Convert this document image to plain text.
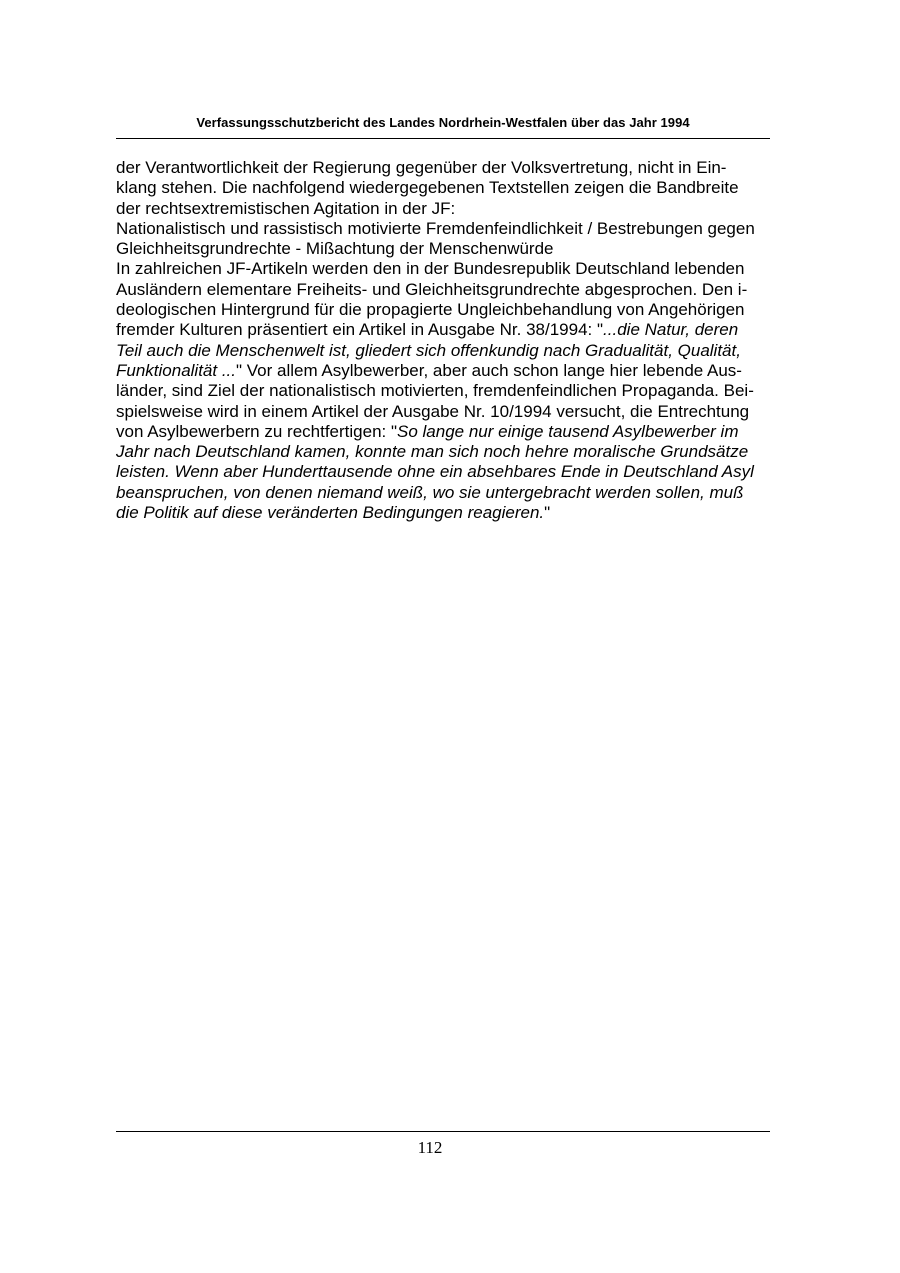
Verfassungsschutzbericht des Landes Nordrhein-Westfalen über das Jahr 1994
der Verantwortlichkeit der Regierung gegenüber der Volksvertretung, nicht in Ein-
klang stehen. Die nachfolgend wiedergegebenen Textstellen zeigen die Bandbreite
der rechtsextremistischen Agitation in der JF:
Nationalistisch und rassistisch motivierte Fremdenfeindlichkeit / Bestrebungen gegen
Gleichheitsgrundrechte - Mißachtung der Menschenwürde
In zahlreichen JF-Artikeln werden den in der Bundesrepublik Deutschland lebenden
Ausländern elementare Freiheits- und Gleichheitsgrundrechte abgesprochen. Den i-
deologischen Hintergrund für die propagierte Ungleichbehandlung von Angehörigen
fremder Kulturen präsentiert ein Artikel in Ausgabe Nr. 38/1994: "...die Natur, deren
Teil auch die Menschenwelt ist, gliedert sich offenkundig nach Gradualität, Qualität,
Funktionalität ..." Vor allem Asylbewerber, aber auch schon lange hier lebende Aus-
länder, sind Ziel der nationalistisch motivierten, fremdenfeindlichen Propaganda. Bei-
spielsweise wird in einem Artikel der Ausgabe Nr. 10/1994 versucht, die Entrechtung
von Asylbewerbern zu rechtfertigen: "So lange nur einige tausend Asylbewerber im
Jahr nach Deutschland kamen, konnte man sich noch hehre moralische Grundsätze
leisten. Wenn aber Hunderttausende ohne ein absehbares Ende in Deutschland Asyl
beanspruchen, von denen niemand weiß, wo sie untergebracht werden sollen, muß
die Politik auf diese veränderten Bedingungen reagieren."
112
